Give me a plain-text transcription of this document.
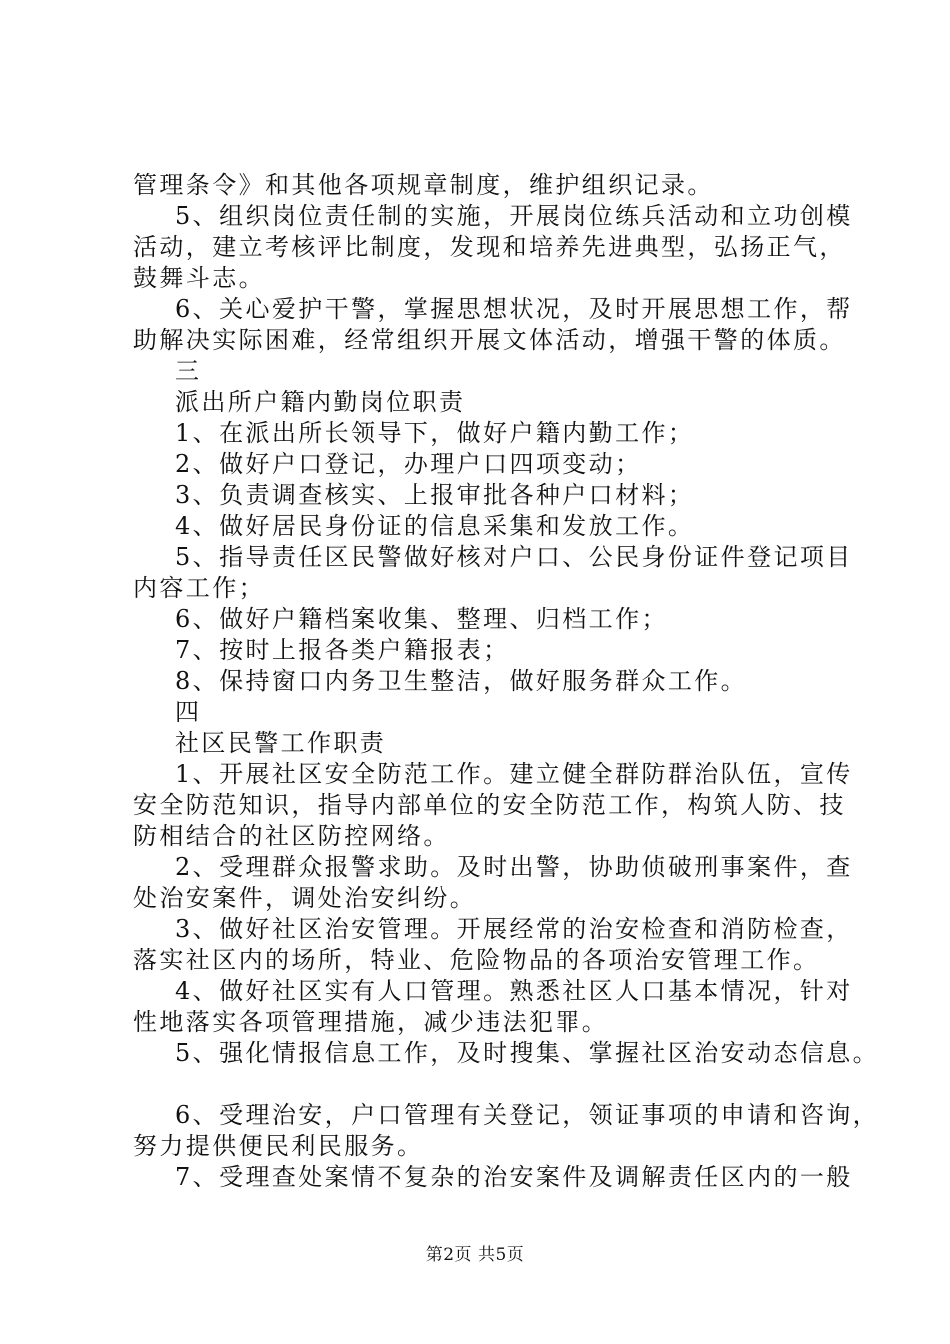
管理条令》和其他各项规章制度，维护组织记录。
5、组织岗位责任制的实施，开展岗位练兵活动和立功创模
活动，建立考核评比制度，发现和培养先进典型，弘扬正气，
鼓舞斗志。
6、关心爱护干警，掌握思想状况，及时开展思想工作，帮
助解决实际困难，经常组织开展文体活动，增强干警的体质。
三
派出所户籍内勤岗位职责
1、在派出所长领导下，做好户籍内勤工作；
2、做好户口登记，办理户口四项变动；
3、负责调查核实、上报审批各种户口材料；
4、做好居民身份证的信息采集和发放工作。
5、指导责任区民警做好核对户口、公民身份证件登记项目
内容工作；
6、做好户籍档案收集、整理、归档工作；
7、按时上报各类户籍报表；
8、保持窗口内务卫生整洁，做好服务群众工作。
四
社区民警工作职责
1、开展社区安全防范工作。建立健全群防群治队伍，宣传
安全防范知识，指导内部单位的安全防范工作，构筑人防、技
防相结合的社区防控网络。
2、受理群众报警求助。及时出警，协助侦破刑事案件，查
处治安案件，调处治安纠纷。
3、做好社区治安管理。开展经常的治安检查和消防检查，
落实社区内的场所，特业、危险物品的各项治安管理工作。
4、做好社区实有人口管理。熟悉社区人口基本情况，针对
性地落实各项管理措施，减少违法犯罪。
5、强化情报信息工作，及时搜集、掌握社区治安动态信息。
6、受理治安，户口管理有关登记，领证事项的申请和咨询，
努力提供便民利民服务。
7、受理查处案情不复杂的治安案件及调解责任区内的一般
第2页 共5页
